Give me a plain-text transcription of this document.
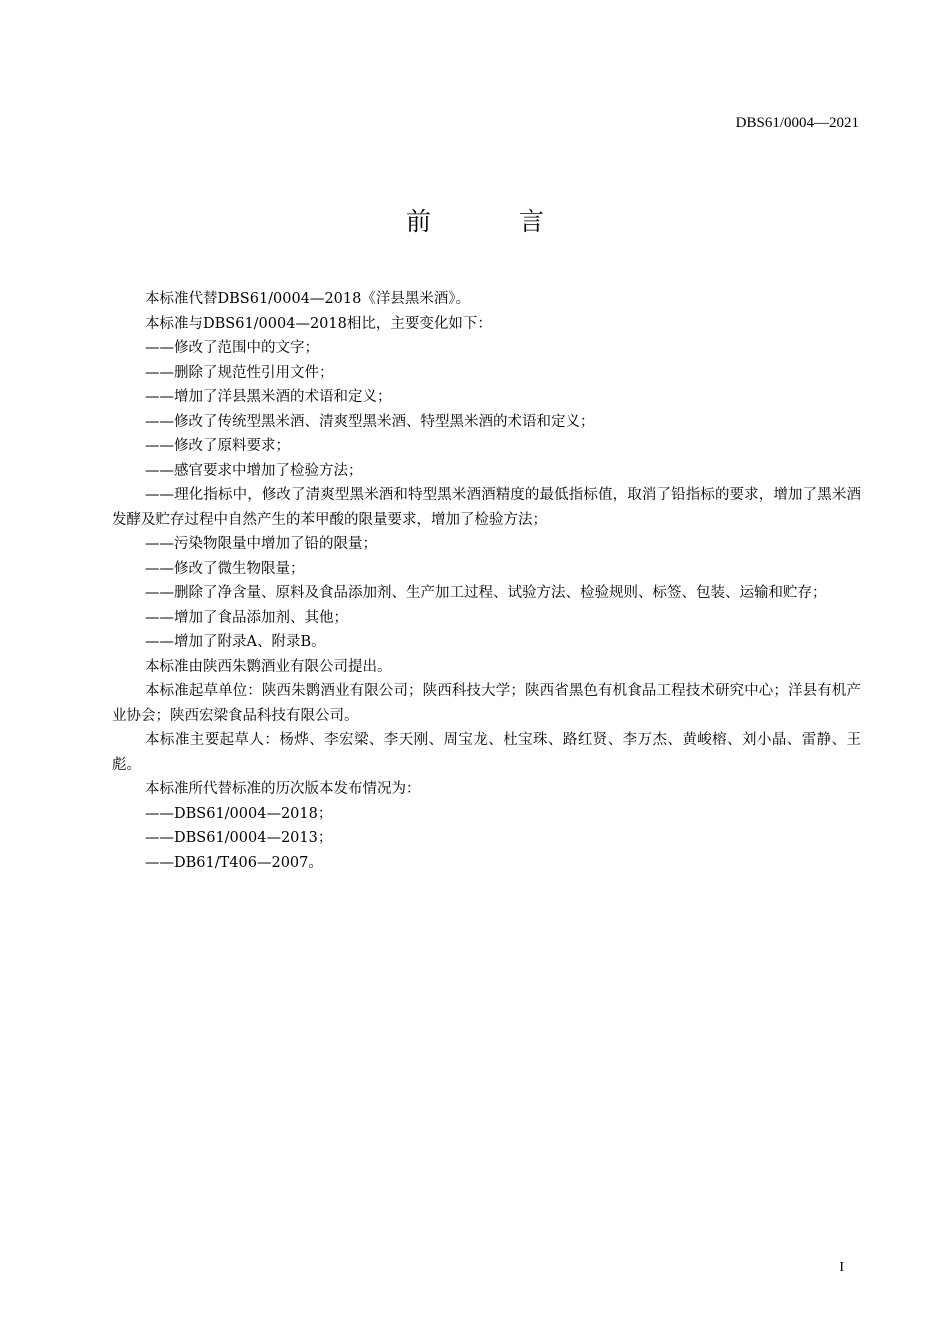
DBS61/0004—2021
前 言

本标准代替DBS61/0004—2018《洋县黑米酒》。

本标准与DBS61/0004—2018相比，主要变化如下：

——修改了范围中的文字；

——删除了规范性引用文件；

——增加了洋县黑米酒的术语和定义；

——修改了传统型黑米酒、清爽型黑米酒、特型黑米酒的术语和定义；

——修改了原料要求；

——感官要求中增加了检验方法；

——理化指标中，修改了清爽型黑米酒和特型黑米酒酒精度的最低指标值，取消了铅指标的要求，增加了黑米酒发酵及贮存过程中自然产生的苯甲酸的限量要求，增加了检验方法；

——污染物限量中增加了铅的限量；

——修改了微生物限量；

——删除了净含量、原料及食品添加剂、生产加工过程、试验方法、检验规则、标签、包装、运输和贮存；

——增加了食品添加剂、其他；

——增加了附录A、附录B。

本标准由陕西朱鹮酒业有限公司提出。

本标准起草单位：陕西朱鹮酒业有限公司；陕西科技大学；陕西省黑色有机食品工程技术研究中心；洋县有机产业协会；陕西宏梁食品科技有限公司。

本标准主要起草人：杨烨、李宏梁、李天刚、周宝龙、杜宝珠、路红贤、李万杰、黄峻榕、刘小晶、雷静、王彪。

本标准所代替标准的历次版本发布情况为：

——DBS61/0004—2018；

——DBS61/0004—2013；

——DB61/T406—2007。

I
